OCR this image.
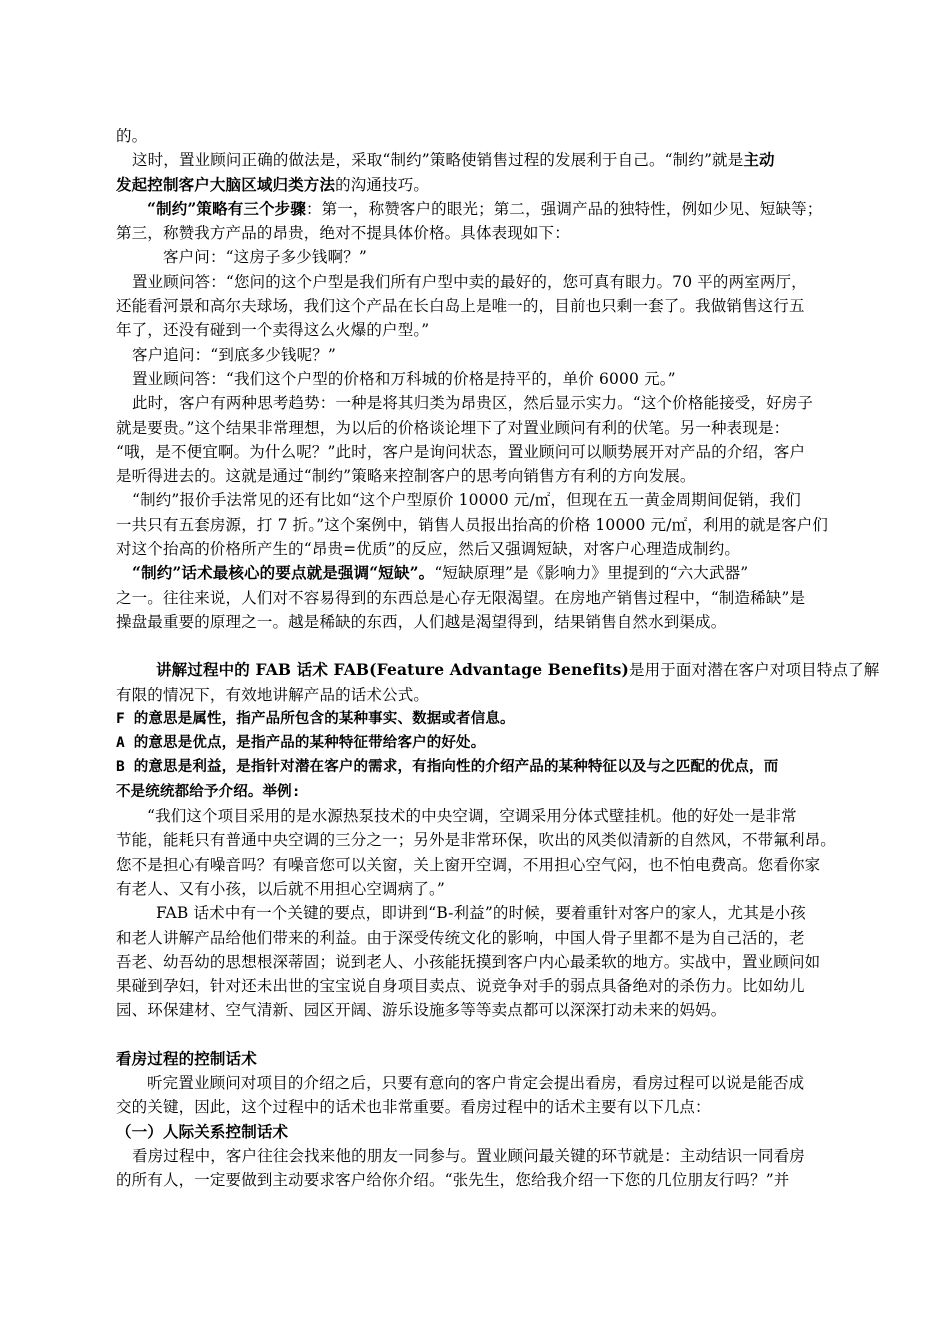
的。
这时，置业顾问正确的做法是，采取“制约”策略使销售过程的发展利于自己。“制约”就是主动
发起控制客户大脑区域归类方法的沟通技巧。
“制约”策略有三个步骤：第一，称赞客户的眼光；第二，强调产品的独特性，例如少见、短缺等；
第三，称赞我方产品的昂贵，绝对不提具体价格。具体表现如下：
客户问：“这房子多少钱啊？”
置业顾问答：“您问的这个户型是我们所有户型中卖的最好的，您可真有眼力。70 平的两室两厅，
还能看河景和高尔夫球场，我们这个产品在长白岛上是唯一的，目前也只剩一套了。我做销售这行五
年了，还没有碰到一个卖得这么火爆的户型。”
客户追问：“到底多少钱呢？”
置业顾问答：“我们这个户型的价格和万科城的价格是持平的，单价 6000 元。”
此时，客户有两种思考趋势：一种是将其归类为昂贵区，然后显示实力。“这个价格能接受，好房子
就是要贵。”这个结果非常理想，为以后的价格谈论埋下了对置业顾问有利的伏笔。另一种表现是：
“哦，是不便宜啊。为什么呢？”此时，客户是询问状态，置业顾问可以顺势展开对产品的介绍，客户
是听得进去的。这就是通过“制约”策略来控制客户的思考向销售方有利的方向发展。
“制约”报价手法常见的还有比如“这个户型原价 10000 元/㎡，但现在五一黄金周期间促销，我们
一共只有五套房源，打 7 折。”这个案例中，销售人员报出抬高的价格 10000 元/㎡，利用的就是客户们
对这个抬高的价格所产生的“昂贵=优质”的反应，然后又强调短缺，对客户心理造成制约。
“制约”话术最核心的要点就是强调“短缺”。“短缺原理”是《影响力》里提到的“六大武器”
之一。往往来说，人们对不容易得到的东西总是心存无限渴望。在房地产销售过程中，“制造稀缺”是
操盘最重要的原理之一。越是稀缺的东西，人们越是渴望得到，结果销售自然水到渠成。
讲解过程中的 FAB 话术 FAB(Feature Advantage Benefits)是用于面对潜在客户对项目特点了解
有限的情况下，有效地讲解产品的话术公式。
F 的意思是属性，指产品所包含的某种事实、数据或者信息。
A 的意思是优点，是指产品的某种特征带给客户的好处。
B 的意思是利益，是指针对潜在客户的需求，有指向性的介绍产品的某种特征以及与之匹配的优点，而
不是统统都给予介绍。举例:
“我们这个项目采用的是水源热泵技术的中央空调，空调采用分体式壁挂机。他的好处一是非常
节能，能耗只有普通中央空调的三分之一；另外是非常环保，吹出的风类似清新的自然风，不带氟利昂。
您不是担心有噪音吗？有噪音您可以关窗，关上窗开空调，不用担心空气闷，也不怕电费高。您看你家
有老人、又有小孩，以后就不用担心空调病了。”
FAB 话术中有一个关键的要点，即讲到“B-利益”的时候，要着重针对客户的家人，尤其是小孩
和老人讲解产品给他们带来的利益。由于深受传统文化的影响，中国人骨子里都不是为自己活的，老
吾老、幼吾幼的思想根深蒂固；说到老人、小孩能抚摸到客户内心最柔软的地方。实战中，置业顾问如
果碰到孕妇，针对还未出世的宝宝说自身项目卖点、说竞争对手的弱点具备绝对的杀伤力。比如幼儿
园、环保建材、空气清新、园区开阔、游乐设施多等等卖点都可以深深打动未来的妈妈。
看房过程的控制话术
听完置业顾问对项目的介绍之后，只要有意向的客户肯定会提出看房，看房过程可以说是能否成
交的关键，因此，这个过程中的话术也非常重要。看房过程中的话术主要有以下几点：
（一）人际关系控制话术
看房过程中，客户往往会找来他的朋友一同参与。置业顾问最关键的环节就是：主动结识一同看房
的所有人，一定要做到主动要求客户给你介绍。“张先生，您给我介绍一下您的几位朋友行吗？”并
